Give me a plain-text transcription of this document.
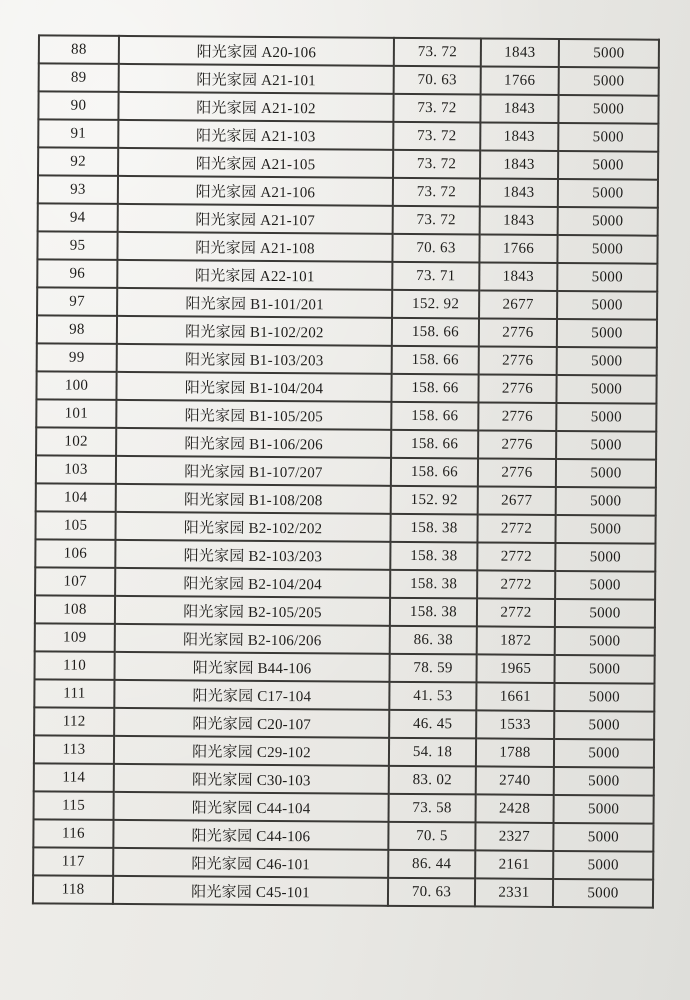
88	阳光家园 A20-106	73. 72	1843	5000
89	阳光家园 A21-101	70. 63	1766	5000
90	阳光家园 A21-102	73. 72	1843	5000
91	阳光家园 A21-103	73. 72	1843	5000
92	阳光家园 A21-105	73. 72	1843	5000
93	阳光家园 A21-106	73. 72	1843	5000
94	阳光家园 A21-107	73. 72	1843	5000
95	阳光家园 A21-108	70. 63	1766	5000
96	阳光家园 A22-101	73. 71	1843	5000
97	阳光家园 B1-101/201	152. 92	2677	5000
98	阳光家园 B1-102/202	158. 66	2776	5000
99	阳光家园 B1-103/203	158. 66	2776	5000
100	阳光家园 B1-104/204	158. 66	2776	5000
101	阳光家园 B1-105/205	158. 66	2776	5000
102	阳光家园 B1-106/206	158. 66	2776	5000
103	阳光家园 B1-107/207	158. 66	2776	5000
104	阳光家园 B1-108/208	152. 92	2677	5000
105	阳光家园 B2-102/202	158. 38	2772	5000
106	阳光家园 B2-103/203	158. 38	2772	5000
107	阳光家园 B2-104/204	158. 38	2772	5000
108	阳光家园 B2-105/205	158. 38	2772	5000
109	阳光家园 B2-106/206	86. 38	1872	5000
110	阳光家园 B44-106	78. 59	1965	5000
111	阳光家园 C17-104	41. 53	1661	5000
112	阳光家园 C20-107	46. 45	1533	5000
113	阳光家园 C29-102	54. 18	1788	5000
114	阳光家园 C30-103	83. 02	2740	5000
115	阳光家园 C44-104	73. 58	2428	5000
116	阳光家园 C44-106	70. 5	2327	5000
117	阳光家园 C46-101	86. 44	2161	5000
118	阳光家园 C45-101	70. 63	2331	5000
